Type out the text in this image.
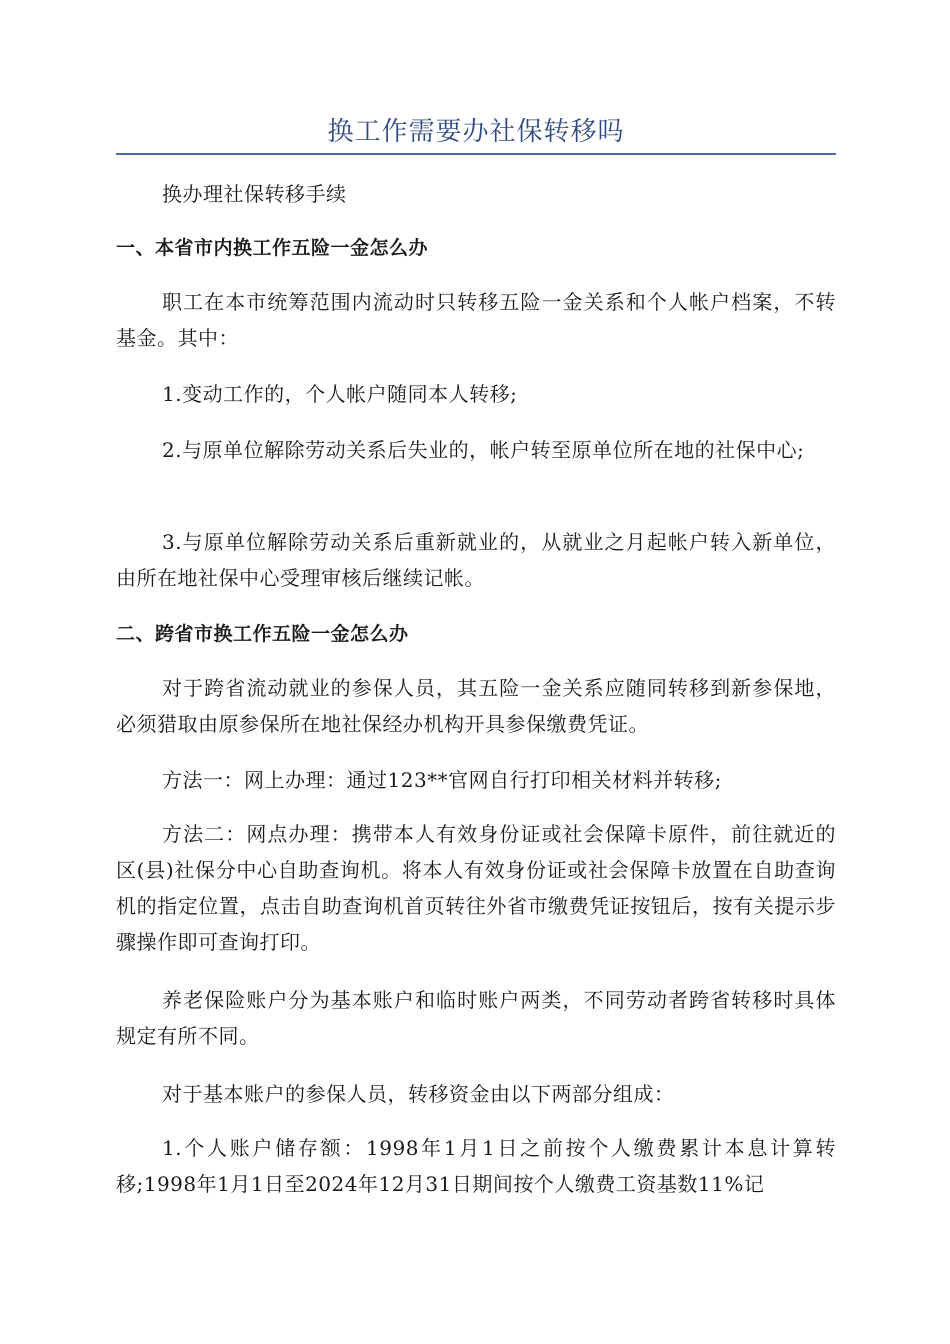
换工作需要办社保转移吗

换办理社保转移手续

一、本省市内换工作五险一金怎么办

职工在本市统筹范围内流动时只转移五险一金关系和个人帐户档案，不转基金。其中：

1.变动工作的，个人帐户随同本人转移;

2.与原单位解除劳动关系后失业的，帐户转至原单位所在地的社保中心;

3.与原单位解除劳动关系后重新就业的，从就业之月起帐户转入新单位，由所在地社保中心受理审核后继续记帐。

二、跨省市换工作五险一金怎么办

对于跨省流动就业的参保人员，其五险一金关系应随同转移到新参保地，必须猎取由原参保所在地社保经办机构开具参保缴费凭证。

方法一：网上办理：通过123**官网自行打印相关材料并转移;

方法二：网点办理：携带本人有效身份证或社会保障卡原件，前往就近的区(县)社保分中心自助查询机。将本人有效身份证或社会保障卡放置在自助查询机的指定位置，点击自助查询机首页转往外省市缴费凭证按钮后，按有关提示步骤操作即可查询打印。

养老保险账户分为基本账户和临时账户两类，不同劳动者跨省转移时具体规定有所不同。

对于基本账户的参保人员，转移资金由以下两部分组成：

1.个人账户储存额：1998年1月1日之前按个人缴费累计本息计算转移;1998年1月1日至2024年12月31日期间按个人缴费工资基数11%记
